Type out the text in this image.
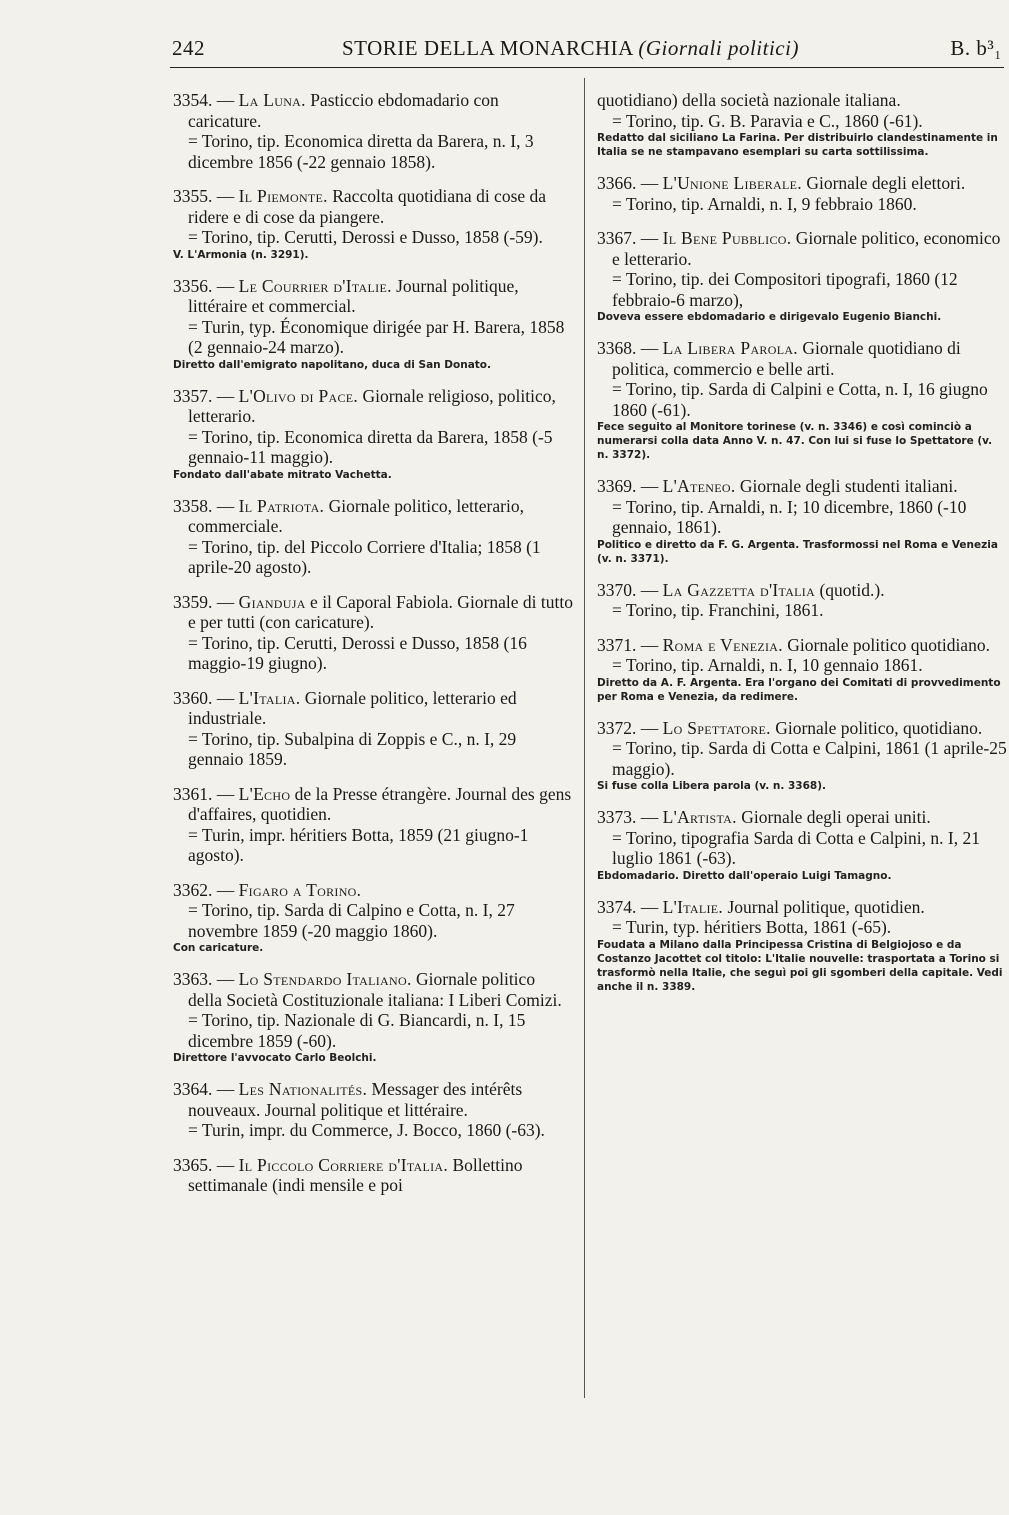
242	STORIE DELLA MONARCHIA (Giornali politici)	B. b³₁

3354. — La Luna. Pasticcio ebdomadario con caricature.

= Torino, tip. Economica diretta da Barera, n. I, 3 dicembre 1856 (-22 gennaio 1858).

3355. — Il Piemonte. Raccolta quotidiana di cose da ridere e di cose da piangere.

= Torino, tip. Cerutti, Derossi e Dusso, 1858 (-59).

V. L'Armonia (n. 3291).

3356. — Le Courrier d'Italie. Journal politique, littéraire et commercial.

= Turin, typ. Économique dirigée par H. Barera, 1858 (2 gennaio-24 marzo).

Diretto dall'emigrato napolitano, duca di San Donato.

3357. — L'Olivo di Pace. Giornale religioso, politico, letterario.

= Torino, tip. Economica diretta da Barera, 1858 (-5 gennaio-11 maggio).

Fondato dall'abate mitrato Vachetta.

3358. — Il Patriota. Giornale politico, letterario, commerciale.

= Torino, tip. del Piccolo Corriere d'Italia; 1858 (1 aprile-20 agosto).

3359. — Gianduja e il Caporal Fabiola. Giornale di tutto e per tutti (con caricature).

= Torino, tip. Cerutti, Derossi e Dusso, 1858 (16 maggio-19 giugno).

3360. — L'Italia. Giornale politico, letterario ed industriale.

= Torino, tip. Subalpina di Zoppis e C., n. I, 29 gennaio 1859.

3361. — L'Echo de la Presse étrangère. Journal des gens d'affaires, quotidien.

= Turin, impr. héritiers Botta, 1859 (21 giugno-1 agosto).

3362. — Figaro a Torino.

= Torino, tip. Sarda di Calpino e Cotta, n. I, 27 novembre 1859 (-20 maggio 1860).

Con caricature.

3363. — Lo Stendardo Italiano. Giornale politico della Società Costituzionale italiana: I Liberi Comizi.

= Torino, tip. Nazionale di G. Biancardi, n. I, 15 dicembre 1859 (-60).

Direttore l'avvocato Carlo Beolchi.

3364. — Les Nationalités. Messager des intérêts nouveaux. Journal politique et littéraire.

= Turin, impr. du Commerce, J. Bocco, 1860 (-63).

3365. — Il Piccolo Corriere d'Italia. Bollettino settimanale (indi mensile e poi

quotidiano) della società nazionale italiana.

= Torino, tip. G. B. Paravia e C., 1860 (-61).

Redatto dal siciliano La Farina. Per distribuirlo clandestinamente in Italia se ne stampavano esemplari su carta sottilissima.

3366. — L'Unione Liberale. Giornale degli elettori.

= Torino, tip. Arnaldi, n. I, 9 febbraio 1860.

3367. — Il Bene Pubblico. Giornale politico, economico e letterario.

= Torino, tip. dei Compositori tipografi, 1860 (12 febbraio-6 marzo),

Doveva essere ebdomadario e dirigevalo Eugenio Bianchi.

3368. — La Libera Parola. Giornale quotidiano di politica, commercio e belle arti.

= Torino, tip. Sarda di Calpini e Cotta, n. I, 16 giugno 1860 (-61).

Fece seguito al Monitore torinese (v. n. 3346) e così cominciò a numerarsi colla data Anno V. n. 47. Con lui si fuse lo Spettatore (v. n. 3372).

3369. — L'Ateneo. Giornale degli studenti italiani.

= Torino, tip. Arnaldi, n. I; 10 dicembre, 1860 (-10 gennaio, 1861).

Politico e diretto da F. G. Argenta. Trasformossi nel Roma e Venezia (v. n. 3371).

3370. — La Gazzetta d'Italia (quotid.).

= Torino, tip. Franchini, 1861.

3371. — Roma e Venezia. Giornale politico quotidiano.

= Torino, tip. Arnaldi, n. I, 10 gennaio 1861.

Diretto da A. F. Argenta. Era l'organo dei Comitati di provvedimento per Roma e Venezia, da redimere.

3372. — Lo Spettatore. Giornale politico, quotidiano.

= Torino, tip. Sarda di Cotta e Calpini, 1861 (1 aprile-25 maggio).

Si fuse colla Libera parola (v. n. 3368).

3373. — L'Artista. Giornale degli operai uniti.

= Torino, tipografia Sarda di Cotta e Calpini, n. I, 21 luglio 1861 (-63).

Ebdomadario. Diretto dall'operaio Luigi Tamagno.

3374. — L'Italie. Journal politique, quotidien.

= Turin, typ. héritiers Botta, 1861 (-65).

Foudata a Milano dalla Principessa Cristina di Belgiojoso e da Costanzo Jacottet col titolo: L'Italie nouvelle: trasportata a Torino si trasformò nella Italie, che seguì poi gli sgomberi della capitale. Vedi anche il n. 3389.
